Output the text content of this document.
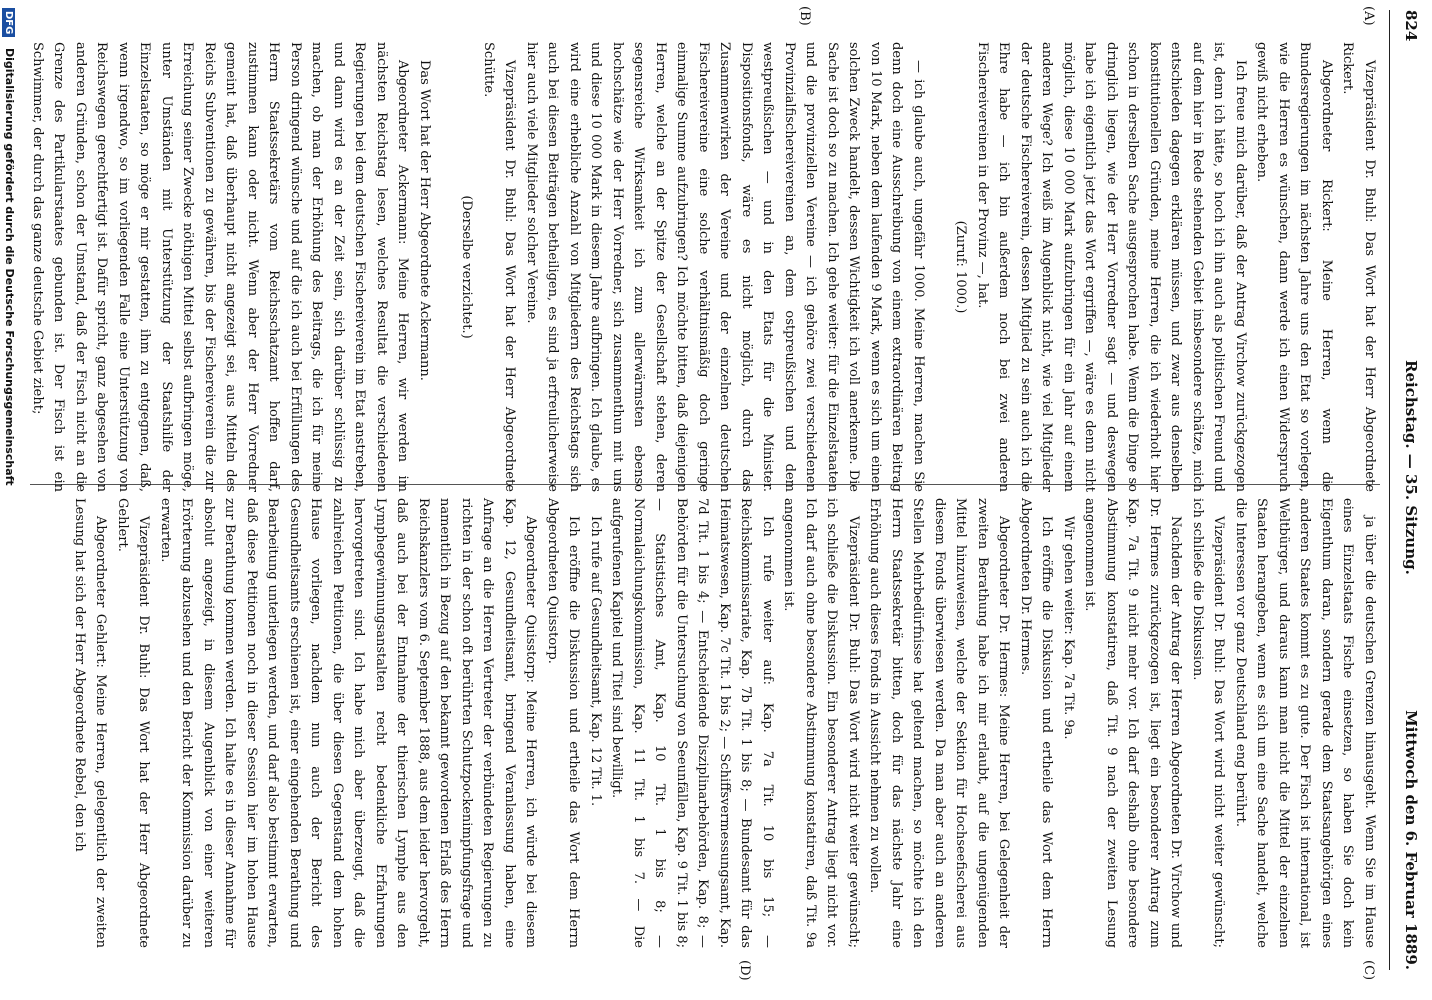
824
Reichstag. — 35. Sitzung.
Mittwoch den 6. Februar 1889.
(A)
(B)
(C)
(D)

Vizepräsident Dr. Buhl: Das Wort hat der Herr Abgeordnete Rickert.

Abgeordneter Rickert: Meine Herren, wenn die Bundesregierungen im nächsten Jahre uns den Etat so vorlegen, wie die Herren es wünschen, dann werde ich einen Widerspruch gewiß nicht erheben.

Ich freue mich darüber, daß der Antrag Virchow zurückgezogen ist, denn ich hätte, so hoch ich ihn auch als politischen Freund und auf dem hier in Rede stehenden Gebiet insbesondere schätze, mich entschieden dagegen erklären müssen, und zwar aus denselben konstitutionellen Gründen, meine Herren, die ich wiederholt hier schon in derselben Sache ausgesprochen habe. Wenn die Dinge so dringlich liegen, wie der Herr Vorredner sagt — und deswegen habe ich eigentlich jetzt das Wort ergriffen —, wäre es denn nicht möglich, diese 10 000 Mark aufzubringen für ein Jahr auf einem anderen Wege? Ich weiß im Augenblick nicht, wie viel Mitglieder der deutsche Fischereiverein, dessen Mitglied zu sein auch ich die Ehre habe — ich bin außerdem noch bei zwei anderen Fischereivereinen in der Provinz —, hat.

(Zuruf: 1000.)

— ich glaube auch, ungefähr 1000. Meine Herren, machen Sie denn doch eine Ausschreibung von einem extraordinären Beitrag von 10 Mark, neben dem laufenden 9 Mark, wenn es sich um einen solchen Zweck handelt, dessen Wichtigkeit ich voll anerkenne. Die Sache ist doch so zu machen. Ich gehe weiter: für die Einzelstaaten und die provinziellen Vereine — ich gehöre zwei verschiedenen Provinzialfischereivereinen an, dem ostpreußischen und dem westpreußischen — und in den Etats für die Minister. Dispositionsfonds, wäre es nicht möglich, durch das Zusammenwirken der Vereine und der einzelnen deutschen Fischereivereine eine solche verhältnismäßig doch geringe einmalige Summe aufzubringen? Ich möchte bitten, daß diejenigen Herren, welche an der Spitze der Gesellschaft stehen, deren segensreiche Wirksamkeit ich zum allerwärmsten ebenso hochschätze wie der Herr Vorredner, sich zusammenthun mit uns und diese 10 000 Mark in diesem Jahre aufbringen. Ich glaube, es wird eine erhebliche Anzahl von Mitgliedern des Reichstags sich auch bei diesen Beiträgen betheiligen, es sind ja erfreulicherweise hier auch viele Mitglieder solcher Vereine.

Vizepräsident Dr. Buhl: Das Wort hat der Herr Abgeordnete Schütte.

(Derselbe verzichtet.)

Das Wort hat der Herr Abgeordnete Ackermann.

Abgeordneter Ackermann: Meine Herren, wir werden im nächsten Reichstag lesen, welches Resultat die verschiedenen Regierungen bei dem deutschen Fischereiverein im Etat anstreben, und dann wird es an der Zeit sein, sich darüber schlüssig zu machen, ob man der Erhöhung des Beitrags, die ich für meine Person dringend wünsche und auf die ich auch bei Erfüllungen des Herrn Staatssekretärs vom Reichsschatzamt hoffen darf, zustimmen kann oder nicht. Wenn aber der Herr Vorredner gemeint hat, daß überhaupt nicht angezeigt sei, aus Mitteln des Reichs Subventionen zu gewähren, bis der Fischereiverein die zur Erreichung seiner Zwecke nöthigen Mittel selbst aufbringen möge, unter Umständen mit Unterstützung der Staatshilfe der Einzelstaaten, so möge er mir gestatten, ihm zu entgegnen, daß, wenn irgendwo, so im vorliegenden Falle eine Unterstützung von Reichswegen gerechtfertigt ist. Dafür spricht, ganz abgesehen von anderen Gründen, schon der Umstand, daß der Fisch nicht an die Grenze des Partikularstaates gebunden ist. Der Fisch ist ein Schwimmer, der durch das ganze deutsche Gebiet zieht;

ja über die deutschen Grenzen hinausgeht. Wenn Sie im Hause eines Einzelstaats Fische einsetzen, so haben Sie doch kein Eigenthum daran, sondern gerade dem Staatsangehörigen eines anderen Staates kommt es zu gute. Der Fisch ist international, ist Weltbürger, und daraus kann man nicht die Mittel der einzelnen Staaten herangeben, wenn es sich um eine Sache handelt, welche die Interessen vor ganz Deutschland eng berührt.

Vizepräsident Dr. Buhl: Das Wort wird nicht weiter gewünscht; ich schließe die Diskussion.

Nachdem der Antrag der Herren Abgeordneten Dr. Virchow und Dr. Hermes zurückgezogen ist, liegt ein besonderer Antrag zum Kap. 7a Tit. 9 nicht mehr vor. Ich darf deshalb ohne besondere Abstimmung konstatiren, daß Tit. 9 nach der zweiten Lesung angenommen ist.

Wir gehen weiter: Kap. 7a Tit. 9a.

Ich eröffne die Diskussion und ertheile das Wort dem Herrn Abgeordneten Dr. Hermes.

Abgeordneter Dr. Hermes: Meine Herren, bei Gelegenheit der zweiten Berathung habe ich mir erlaubt, auf die ungenügenden Mittel hinzuweisen, welche der Sektion für Hochseefischerei aus diesem Fonds überwiesen werden. Da man aber auch an anderen Stellen Mehrbedürfnisse hat geltend machen, so möchte ich den Herrn Staatssekretär bitten, doch für das nächste Jahr eine Erhöhung auch dieses Fonds in Aussicht nehmen zu wollen.

Vizepräsident Dr. Buhl: Das Wort wird nicht weiter gewünscht; ich schließe die Diskussion. Ein besonderer Antrag liegt nicht vor. Ich darf auch ohne besondere Abstimmung konstatiren, daß Tit. 9a angenommen ist.

Ich rufe weiter auf: Kap. 7a Tit. 10 bis 15; — Reichskommissariate, Kap. 7b Tit. 1 bis 8; — Bundesamt für das Heimatswesen, Kap. 7c Tit. 1 bis 2; — Schiffsvermessungsamt, Kap. 7d Tit. 1 bis 4; — Entscheidende Disziplinarbehörden, Kap. 8; — Behörden für die Untersuchung von Seeunfällen, Kap. 9 Tit. 1 bis 8; — Statistisches Amt, Kap. 10 Tit. 1 bis 8; — Normalaichungskommission, Kap. 11 Tit. 1 bis 7. — Die aufgerufenen Kapitel und Titel sind bewilligt.

Ich rufe auf Gesundheitsamt, Kap. 12 Tit. 1.

Ich eröffne die Diskussion und ertheile das Wort dem Herrn Abgeordneten Quisstorp.

Abgeordneter Quisstorp: Meine Herren, ich würde bei diesem Kap. 12, Gesundheitsamt, bringend Veranlassung haben, eine Anfrage an die Herren Vertreter der verbündeten Regierungen zu richten in der schon oft berührten Schutzpockenimpfungsfrage und namentlich in Bezug auf den bekannt gewordenen Erlaß des Herrn Reichskanzlers vom 6. September 1888, aus dem leider hervorgeht, daß auch bei der Entnahme der thierischen Lymphe aus den Lymphegewinnungsanstalten recht bedenkliche Erfahrungen hervorgetreten sind. Ich habe mich aber überzeugt, daß die zahlreichen Petitionen, die über diesen Gegenstand dem hohen Hause vorliegen, nachdem nun auch der Bericht des Gesundheitsamts erschienen ist, einer eingehenden Berathung und Bearbeitung unterliegen werden, und darf also bestimmt erwarten, daß diese Petitionen noch in dieser Session hier im hohen Hause zur Berathung kommen werden. Ich halte es in dieser Annahme für absolut angezeigt, in diesem Augenblick von einer weiteren Erörterung abzusehen und den Bericht der Kommission darüber zu erwarten.

Vizepräsident Dr. Buhl: Das Wort hat der Herr Abgeordnete Gehlert.

Abgeordneter Gehlert: Meine Herren, gelegentlich der zweiten Lesung hat sich der Herr Abgeordnete Rebel, den ich

DFG
Digitalisierung gefördert durch die Deutsche Forschungsgemeinschaft
